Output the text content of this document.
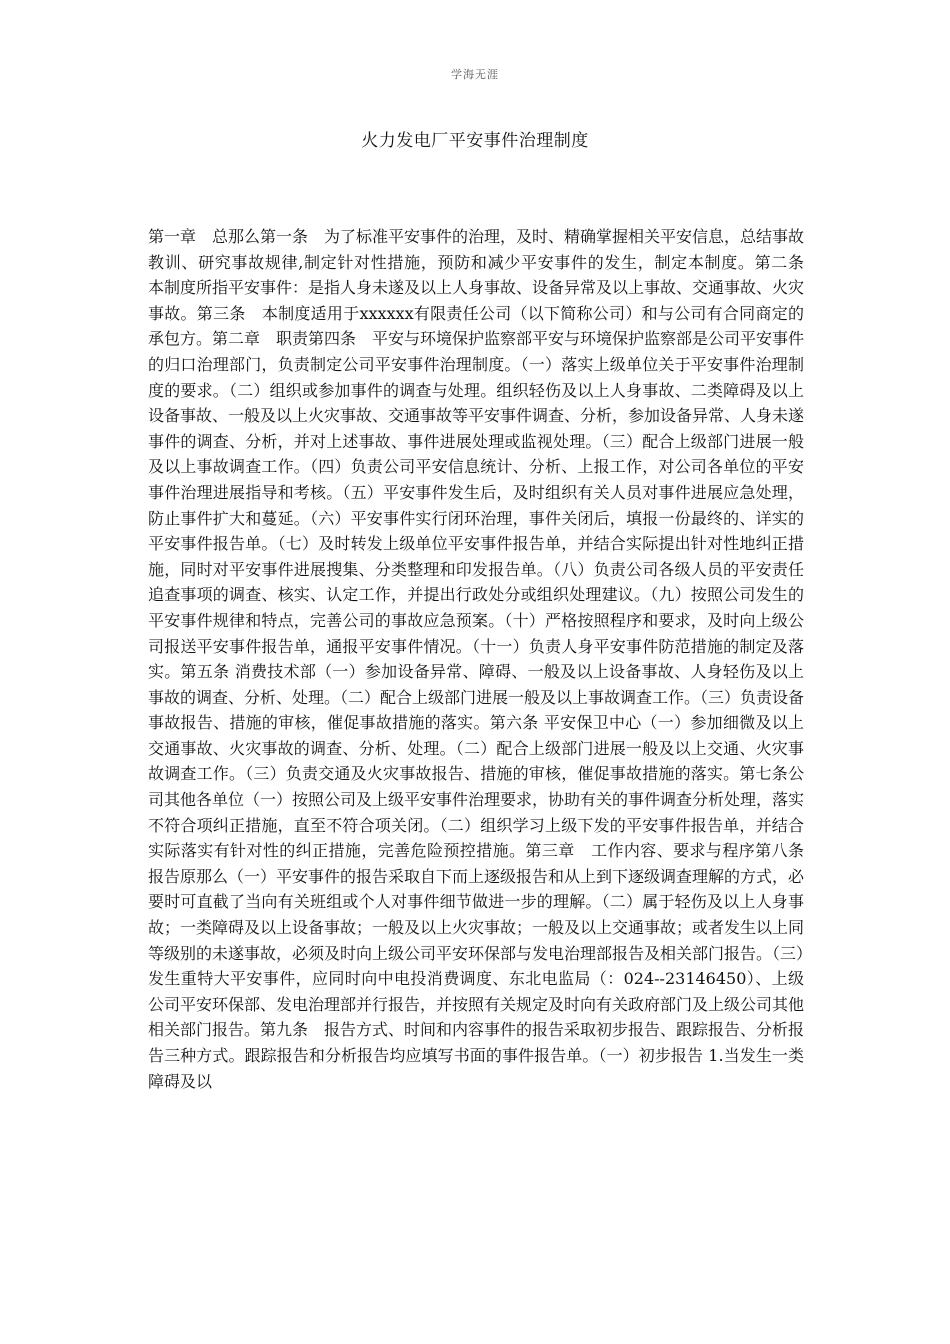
学海无涯
火力发电厂平安事件治理制度
第一章　总那么第一条　为了标准平安事件的治理，及时、精确掌握相关平安信息，总结事故教训、研究事故规律,制定针对性措施，预防和减少平安事件的发生，制定本制度。第二条　本制度所指平安事件：是指人身未遂及以上人身事故、设备异常及以上事故、交通事故、火灾事故。第三条　本制度适用于xxxxxx有限责任公司（以下简称公司）和与公司有合同商定的承包方。第二章　职责第四条　平安与环境保护监察部平安与环境保护监察部是公司平安事件的归口治理部门，负责制定公司平安事件治理制度。（一）落实上级单位关于平安事件治理制度的要求。（二）组织或参加事件的调查与处理。组织轻伤及以上人身事故、二类障碍及以上设备事故、一般及以上火灾事故、交通事故等平安事件调查、分析，参加设备异常、人身未遂事件的调查、分析，并对上述事故、事件进展处理或监视处理。（三）配合上级部门进展一般及以上事故调查工作。（四）负责公司平安信息统计、分析、上报工作，对公司各单位的平安事件治理进展指导和考核。（五）平安事件发生后，及时组织有关人员对事件进展应急处理，防止事件扩大和蔓延。（六）平安事件实行闭环治理，事件关闭后，填报一份最终的、详实的平安事件报告单。（七）及时转发上级单位平安事件报告单，并结合实际提出针对性地纠正措施，同时对平安事件进展搜集、分类整理和印发报告单。（八）负责公司各级人员的平安责任追查事项的调查、核实、认定工作，并提出行政处分或组织处理建议。（九）按照公司发生的平安事件规律和特点，完善公司的事故应急预案。（十）严格按照程序和要求，及时向上级公司报送平安事件报告单，通报平安事件情况。（十一）负责人身平安事件防范措施的制定及落实。第五条 消费技术部（一）参加设备异常、障碍、一般及以上设备事故、人身轻伤及以上事故的调查、分析、处理。（二）配合上级部门进展一般及以上事故调查工作。（三）负责设备事故报告、措施的审核，催促事故措施的落实。第六条 平安保卫中心（一）参加细微及以上交通事故、火灾事故的调查、分析、处理。（二）配合上级部门进展一般及以上交通、火灾事故调查工作。（三）负责交通及火灾事故报告、措施的审核，催促事故措施的落实。第七条公司其他各单位（一）按照公司及上级平安事件治理要求，协助有关的事件调查分析处理，落实不符合项纠正措施，直至不符合项关闭。（二）组织学习上级下发的平安事件报告单，并结合实际落实有针对性的纠正措施，完善危险预控措施。第三章　工作内容、要求与程序第八条　报告原那么（一）平安事件的报告采取自下而上逐级报告和从上到下逐级调查理解的方式，必要时可直截了当向有关班组或个人对事件细节做进一步的理解。（二）属于轻伤及以上人身事故；一类障碍及以上设备事故；一般及以上火灾事故；一般及以上交通事故；或者发生以上同等级别的未遂事故，必须及时向上级公司平安环保部与发电治理部报告及相关部门报告。（三）发生重特大平安事件，应同时向中电投消费调度、东北电监局（：024--23146450）、上级公司平安环保部、发电治理部并行报告，并按照有关规定及时向有关政府部门及上级公司其他相关部门报告。第九条　报告方式、时间和内容事件的报告采取初步报告、跟踪报告、分析报告三种方式。跟踪报告和分析报告均应填写书面的事件报告单。（一）初步报告 1.当发生一类障碍及以
